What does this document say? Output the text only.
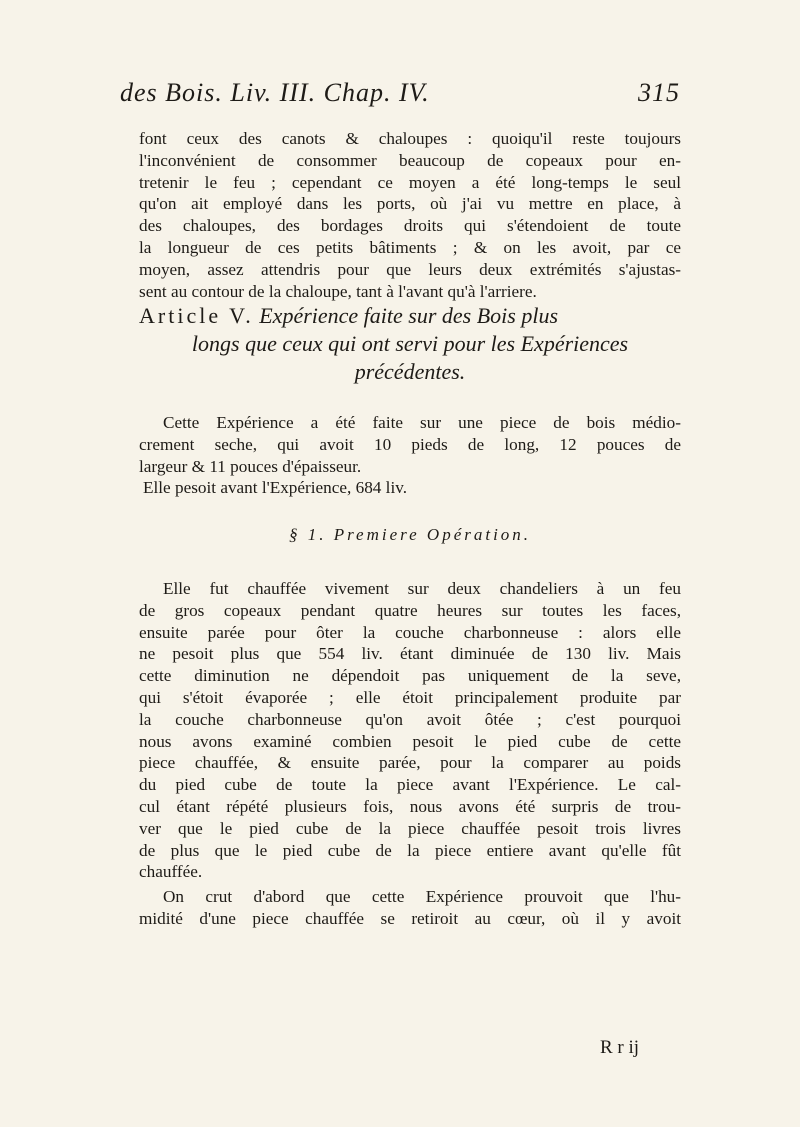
des Bois. Liv. III. Chap. IV.	315
font ceux des canots & chaloupes : quoiqu'il reste toujours
l'inconvénient de consommer beaucoup de copeaux pour en-
tretenir le feu ; cependant ce moyen a été long-temps le seul
qu'on ait employé dans les ports, où j'ai vu mettre en place, à
des chaloupes, des bordages droits qui s'étendoient de toute
la longueur de ces petits bâtiments ; & on les avoit, par ce
moyen, assez attendris pour que leurs deux extrémités s'ajustas-
sent au contour de la chaloupe, tant à l'avant qu'à l'arriere.
Article V. Expérience faite sur des Bois plus
longs que ceux qui ont servi pour les Expériences
précédentes.
Cette Expérience a été faite sur une piece de bois médio-
crement seche, qui avoit 10 pieds de long, 12 pouces de
largeur & 11 pouces d'épaisseur.
Elle pesoit avant l'Expérience, 684 liv.
§ 1. Premiere Opération.
Elle fut chauffée vivement sur deux chandeliers à un feu
de gros copeaux pendant quatre heures sur toutes les faces,
ensuite parée pour ôter la couche charbonneuse : alors elle
ne pesoit plus que 554 liv. étant diminuée de 130 liv. Mais
cette diminution ne dépendoit pas uniquement de la seve,
qui s'étoit évaporée ; elle étoit principalement produite par
la couche charbonneuse qu'on avoit ôtée ; c'est pourquoi
nous avons examiné combien pesoit le pied cube de cette
piece chauffée, & ensuite parée, pour la comparer au poids
du pied cube de toute la piece avant l'Expérience. Le cal-
cul étant répété plusieurs fois, nous avons été surpris de trou-
ver que le pied cube de la piece chauffée pesoit trois livres
de plus que le pied cube de la piece entiere avant qu'elle fût
chauffée.
On crut d'abord que cette Expérience prouvoit que l'hu-
midité d'une piece chauffée se retiroit au cœur, où il y avoit
R r ij
